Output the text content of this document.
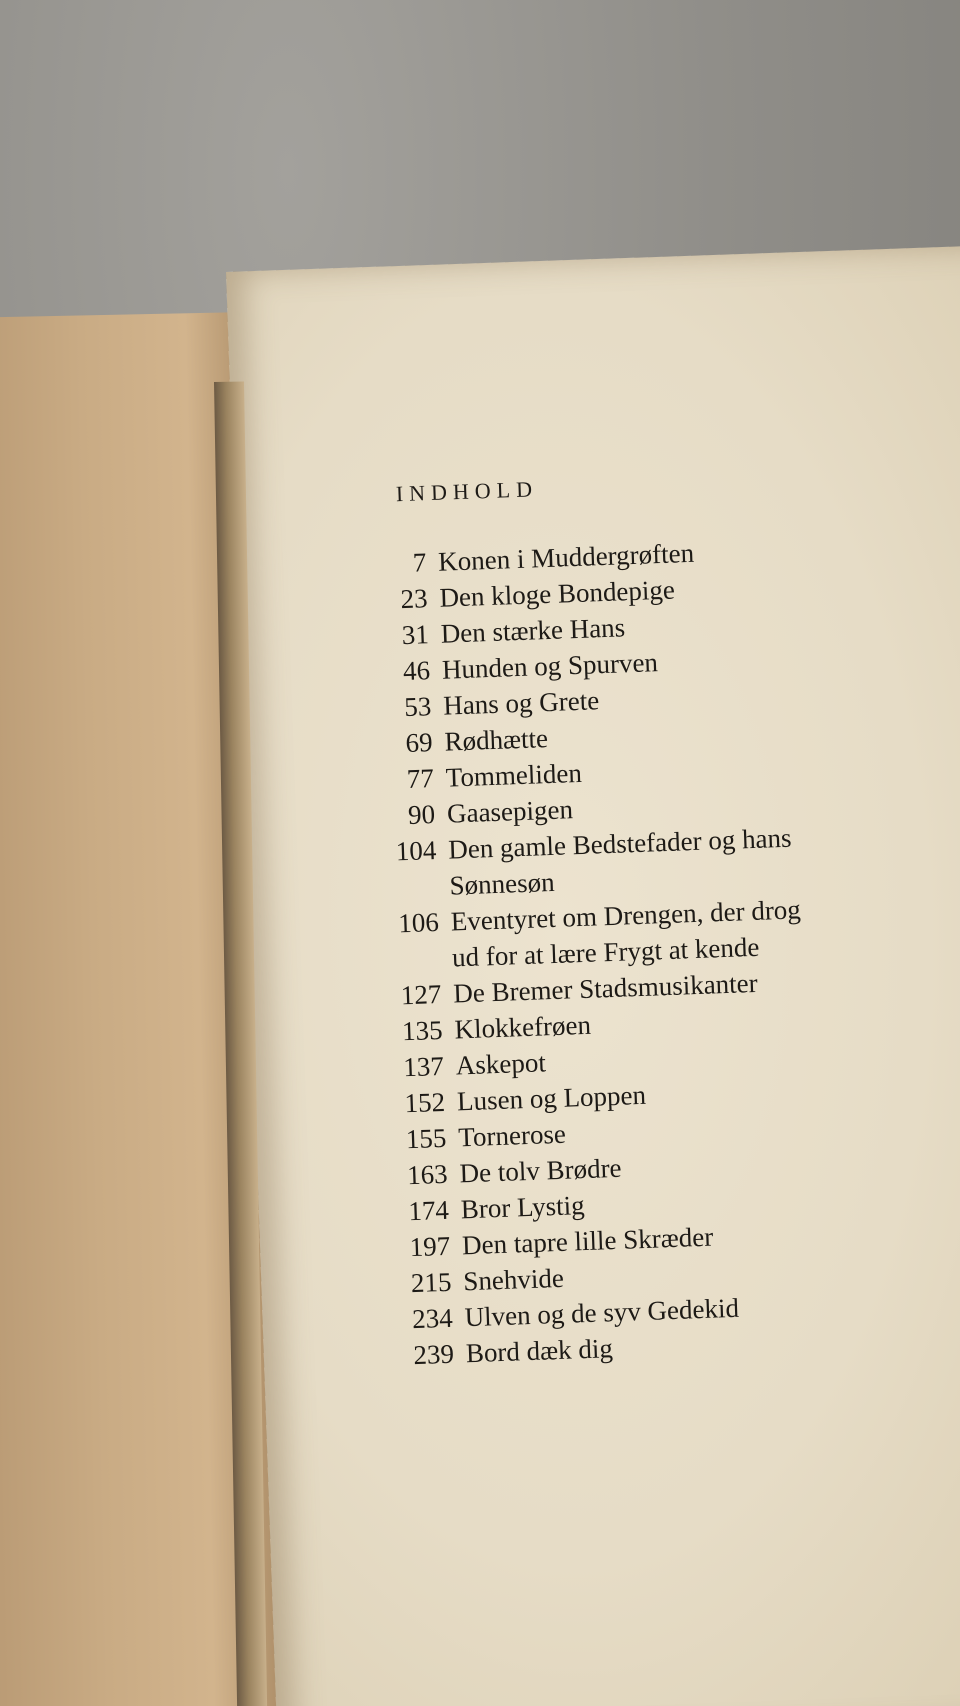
INDHOLD
7 Konen i Muddergrøften
23 Den kloge Bondepige
31 Den stærke Hans
46 Hunden og Spurven
53 Hans og Grete
69 Rødhætte
77 Tommeliden
90 Gaasepigen
104 Den gamle Bedstefader og hans
Sønnesøn
106 Eventyret om Drengen, der drog
ud for at lære Frygt at kende
127 De Bremer Stadsmusikanter
135 Klokkefrøen
137 Askepot
152 Lusen og Loppen
155 Tornerose
163 De tolv Brødre
174 Bror Lystig
197 Den tapre lille Skræder
215 Snehvide
234 Ulven og de syv Gedekid
239 Bord dæk dig
